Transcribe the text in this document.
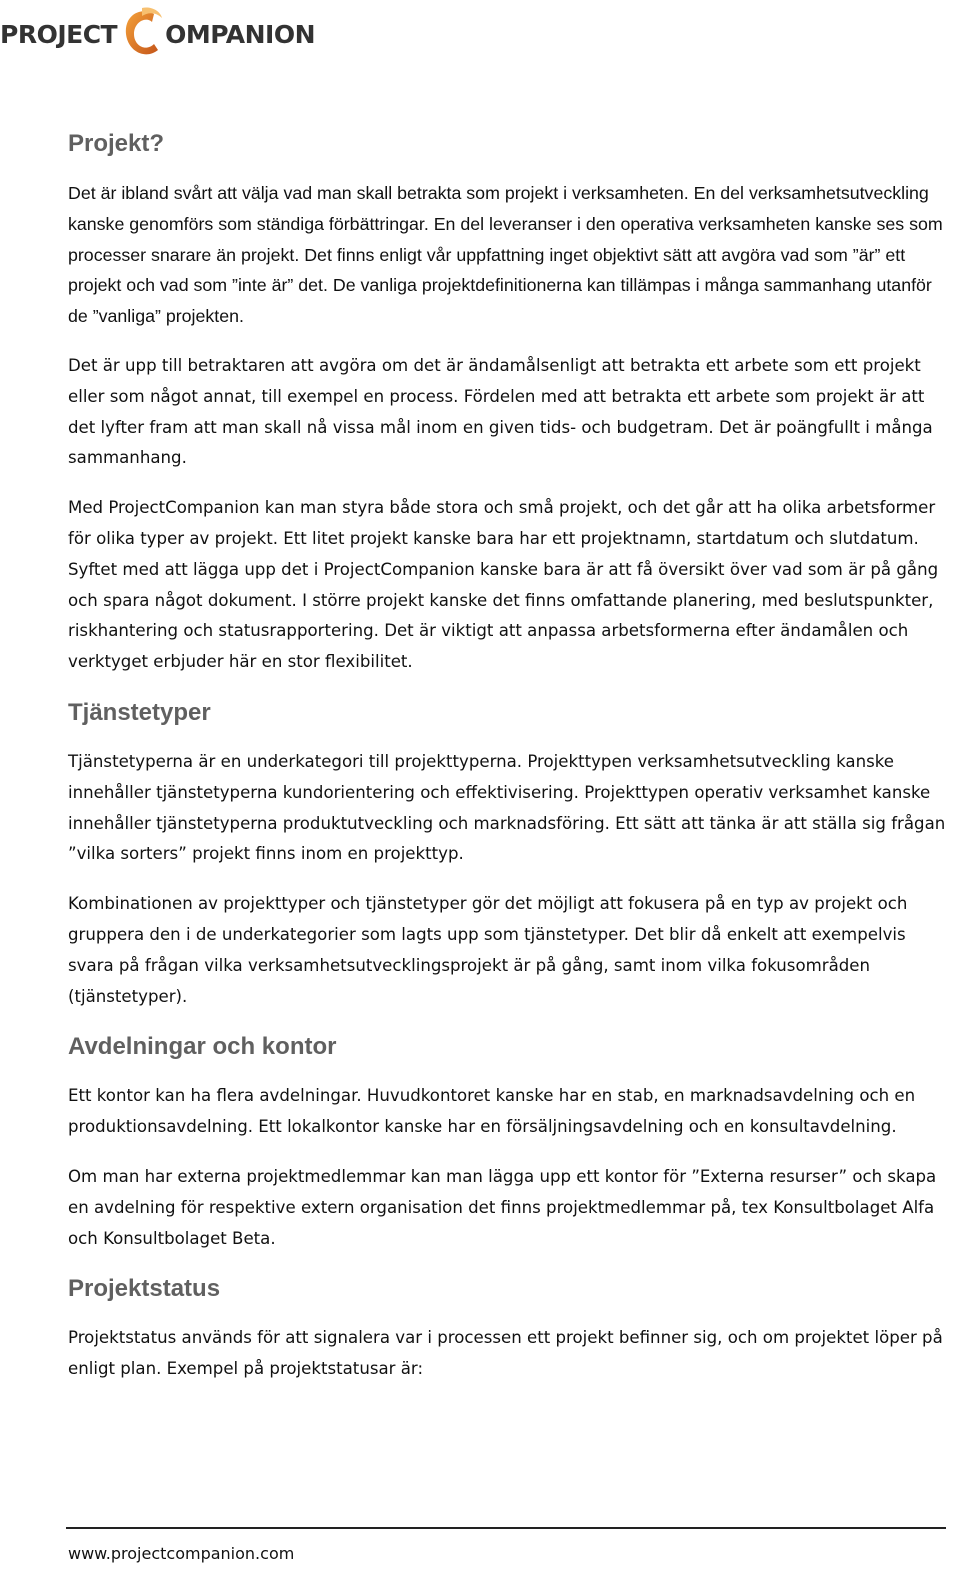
PROJECT OMPANION
Projekt?

Det är ibland svårt att välja vad man skall betrakta som projekt i verksamheten. En del verksamhetsutveckling kanske genomförs som ständiga förbättringar. En del leveranser i den operativa verksamheten kanske ses som processer snarare än projekt. Det finns enligt vår uppfattning inget objektivt sätt att avgöra vad som ”är” ett projekt och vad som ”inte är” det. De vanliga projektdefinitionerna kan tillämpas i många sammanhang utanför de ”vanliga” projekten.

Det är upp till betraktaren att avgöra om det är ändamålsenligt att betrakta ett arbete som ett projekt eller som något annat, till exempel en process. Fördelen med att betrakta ett arbete som projekt är att det lyfter fram att man skall nå vissa mål inom en given tids- och budgetram. Det är poängfullt i många sammanhang.

Med ProjectCompanion kan man styra både stora och små projekt, och det går att ha olika arbetsformer för olika typer av projekt. Ett litet projekt kanske bara har ett projektnamn, startdatum och slutdatum. Syftet med att lägga upp det i ProjectCompanion kanske bara är att få översikt över vad som är på gång och spara något dokument. I större projekt kanske det finns omfattande planering, med beslutspunkter, riskhantering och statusrapportering. Det är viktigt att anpassa arbetsformerna efter ändamålen och verktyget erbjuder här en stor flexibilitet.

Tjänstetyper

Tjänstetyperna är en underkategori till projekttyperna. Projekttypen verksamhetsutveckling kanske innehåller tjänstetyperna kundorientering och effektivisering. Projekttypen operativ verksamhet kanske innehåller tjänstetyperna produktutveckling och marknadsföring. Ett sätt att tänka är att ställa sig frågan ”vilka sorters” projekt finns inom en projekttyp.

Kombinationen av projekttyper och tjänstetyper gör det möjligt att fokusera på en typ av projekt och gruppera den i de underkategorier som lagts upp som tjänstetyper. Det blir då enkelt att exempelvis svara på frågan vilka verksamhetsutvecklingsprojekt är på gång, samt inom vilka fokusområden (tjänstetyper).

Avdelningar och kontor

Ett kontor kan ha flera avdelningar. Huvudkontoret kanske har en stab, en marknadsavdelning och en produktionsavdelning. Ett lokalkontor kanske har en försäljningsavdelning och en konsultavdelning.

Om man har externa projektmedlemmar kan man lägga upp ett kontor för ”Externa resurser” och skapa en avdelning för respektive extern organisation det finns projektmedlemmar på, tex Konsultbolaget Alfa och Konsultbolaget Beta.

Projektstatus

Projektstatus används för att signalera var i processen ett projekt befinner sig, och om projektet löper på enligt plan. Exempel på projektstatusar är:

www.projectcompanion.com
